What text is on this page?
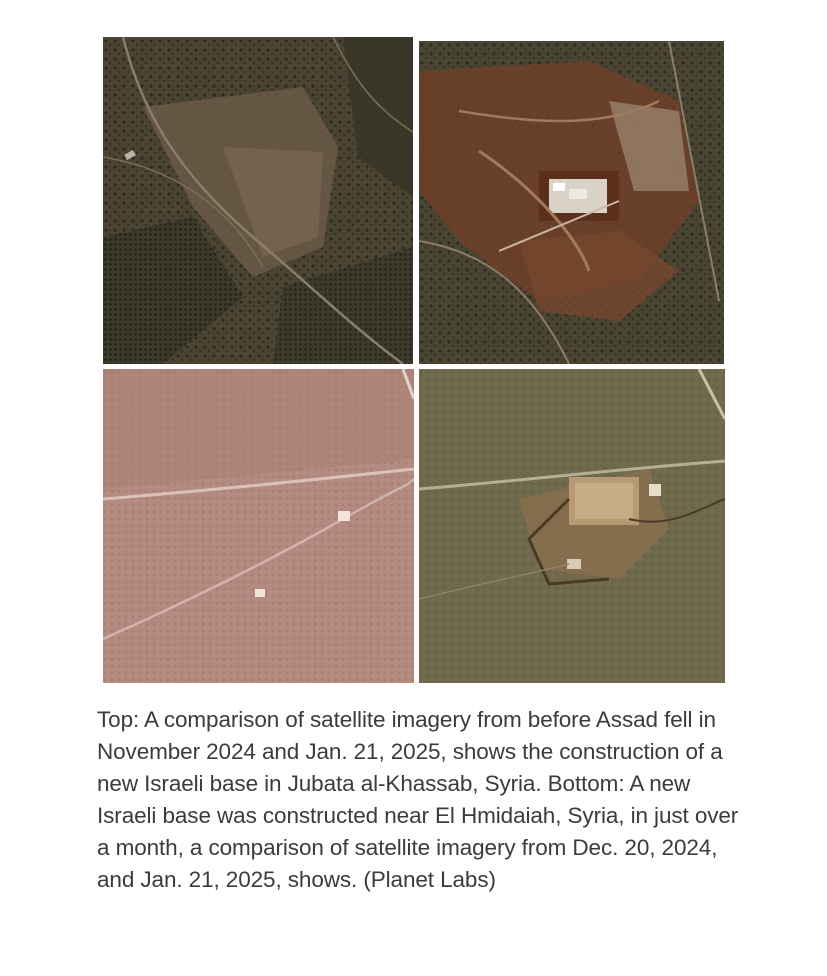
Top: A comparison of satellite imagery from before Assad fell in November 2024 and Jan. 21, 2025, shows the construction of a new Israeli base in Jubata al-Khassab, Syria. Bottom: A new Israeli base was constructed near El Hmidaiah, Syria, in just over a month, a comparison of satellite imagery from Dec. 20, 2024, and Jan. 21, 2025, shows. (Planet Labs)
